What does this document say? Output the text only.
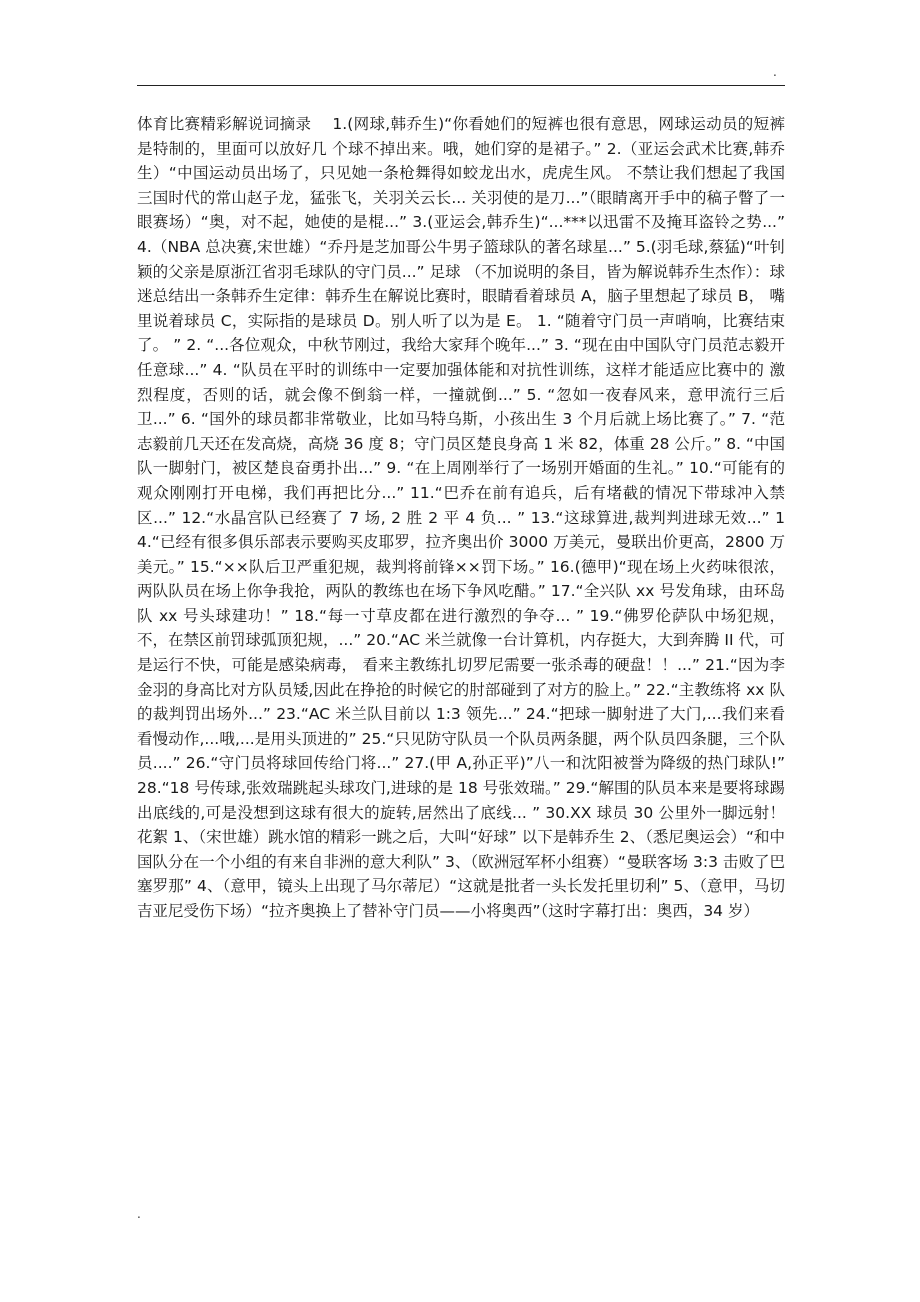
.

体育比赛精彩解说词摘录　 1.(网球,韩乔生)“你看她们的短裤也很有意思，网球运动员的短裤是特制的，里面可以放好几 个球不掉出来。哦，她们穿的是裙子。” 2.（亚运会武术比赛,韩乔生）“中国运动员出场了，只见她一条枪舞得如蛟龙出水，虎虎生风。 不禁让我们想起了我国三国时代的常山赵子龙，猛张飞，关羽关云长... 关羽使的是刀...”（眼睛离开手中的稿子瞥了一眼赛场）“奥，对不起，她使的是棍...” 3.(亚运会,韩乔生)“...***以迅雷不及掩耳盗铃之势...” 4.（NBA 总决赛,宋世雄）“乔丹是芝加哥公牛男子篮球队的著名球星...” 5.(羽毛球,蔡猛)“叶钊颖的父亲是原浙江省羽毛球队的守门员...” 足球 （不加说明的条目，皆为解说韩乔生杰作）：球迷总结出一条韩乔生定律：韩乔生在解说比赛时，眼睛看着球员 A，脑子里想起了球员 B， 嘴里说着球员 C，实际指的是球员 D。别人听了以为是 E。 1. “随着守门员一声哨响，比赛结束了。 ” 2. “...各位观众，中秋节刚过，我给大家拜个晚年...” 3. “现在由中国队守门员范志毅开任意球...” 4. “队员在平时的训练中一定要加强体能和对抗性训练，这样才能适应比赛中的 激烈程度，否则的话，就会像不倒翁一样，一撞就倒...” 5. “忽如一夜春风来，意甲流行三后卫...” 6. “国外的球员都非常敬业，比如马特乌斯，小孩出生 3 个月后就上场比赛了。” 7. “范志毅前几天还在发高烧，高烧 36 度 8；守门员区楚良身高 1 米 82，体重 28 公斤。” 8. “中国队一脚射门，被区楚良奋勇扑出...” 9. “在上周刚举行了一场别开婚面的生礼。” 10.“可能有的观众刚刚打开电梯，我们再把比分...” 11.“巴乔在前有追兵，后有堵截的情况下带球冲入禁区...” 12.“水晶宫队已经赛了 7 场, 2 胜 2 平 4 负... ” 13.“这球算进,裁判判进球无效...” 14.“已经有很多俱乐部表示要购买皮耶罗，拉齐奥出价 3000 万美元，曼联出价更高，2800 万美元。” 15.“××队后卫严重犯规，裁判将前锋××罚下场。” 16.(德甲)“现在场上火药味很浓，两队队员在场上你争我抢，两队的教练也在场下争风吃醋。” 17.“全兴队 xx 号发角球，由环岛队 xx 号头球建功！” 18.“每一寸草皮都在进行激烈的争夺... ” 19.“佛罗伦萨队中场犯规，不，在禁区前罚球弧顶犯规，...” 20.“AC 米兰就像一台计算机，内存挺大，大到奔腾 II 代，可是运行不快，可能是感染病毒， 看来主教练扎切罗尼需要一张杀毒的硬盘！！...” 21.“因为李金羽的身高比对方队员矮,因此在挣抢的时候它的肘部碰到了对方的脸上。” 22.“主教练将 xx 队的裁判罚出场外...” 23.“AC 米兰队目前以 1:3 领先...” 24.“把球一脚射进了大门,...我们来看看慢动作,...哦,...是用头顶进的” 25.“只见防守队员一个队员两条腿，两个队员四条腿，三个队员....” 26.“守门员将球回传给门将...” 27.(甲 A,孙正平)”八一和沈阳被誉为降级的热门球队!” 28.“18 号传球,张效瑞跳起头球攻门,进球的是 18 号张效瑞。” 29.“解围的队员本来是要将球踢出底线的,可是没想到这球有很大的旋转,居然出了底线... ” 30.XX 球员 30 公里外一脚远射！ 花絮 1、（宋世雄）跳水馆的精彩一跳之后，大叫“好球” 以下是韩乔生 2、（悉尼奥运会）“和中国队分在一个小组的有来自非洲的意大利队” 3、（欧洲冠军杯小组赛）“曼联客场 3:3 击败了巴塞罗那” 4、（意甲，镜头上出现了马尔蒂尼）“这就是批者一头长发托里切利” 5、（意甲，马切吉亚尼受伤下场）“拉齐奥换上了替补守门员——小将奥西”（这时字幕打出：奥西，34 岁）

.
